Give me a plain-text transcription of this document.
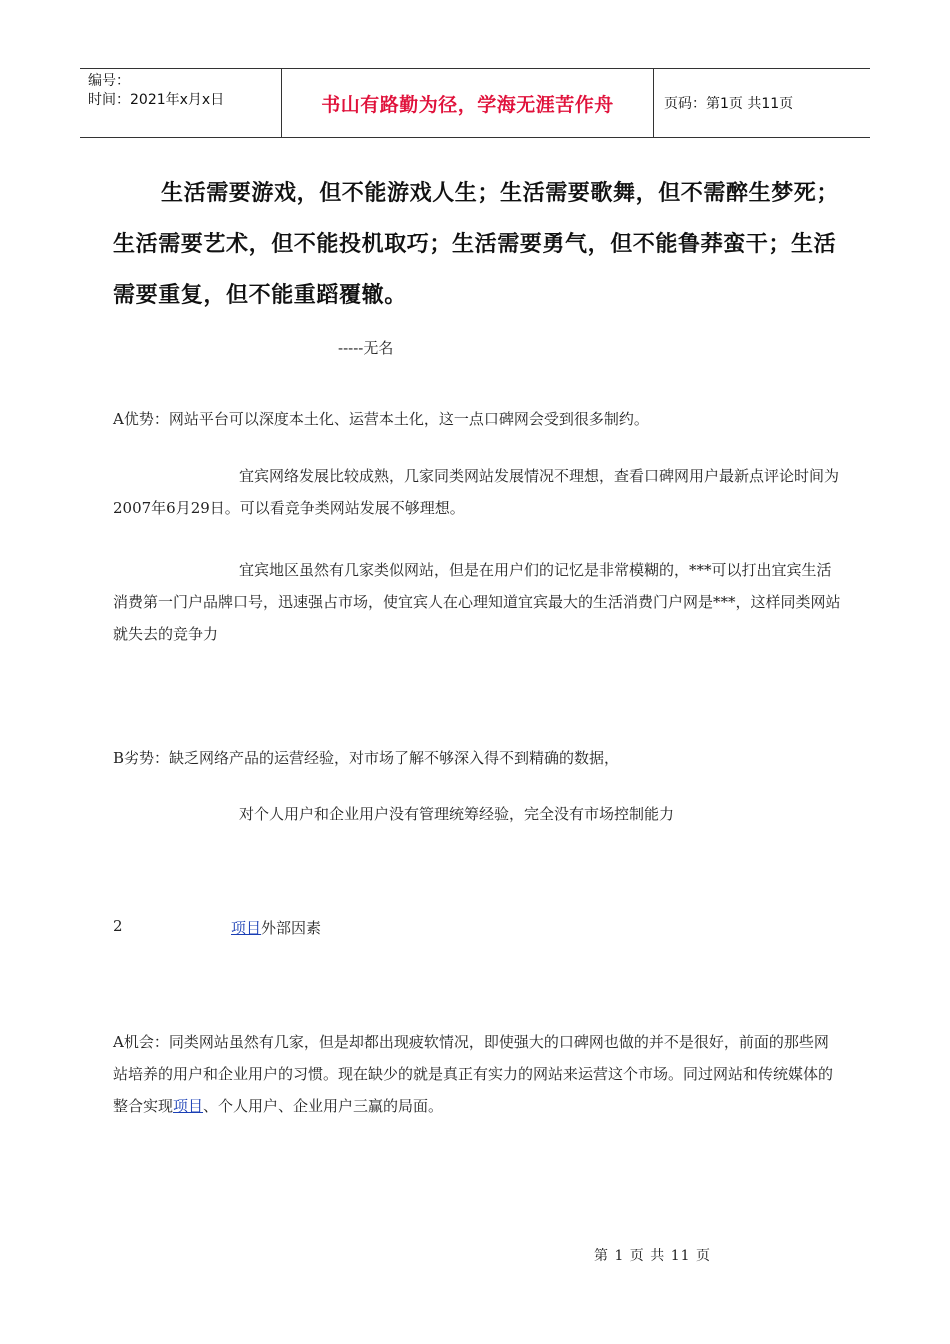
编号：
时间：2021年x月x日	书山有路勤为径，学海无涯苦作舟	页码：第1页 共11页
生活需要游戏，但不能游戏人生；生活需要歌舞，但不需醉生梦死；生活需要艺术，但不能投机取巧；生活需要勇气，但不能鲁莽蛮干；生活需要重复，但不能重蹈覆辙。
-----无名
A优势：网站平台可以深度本土化、运营本土化，这一点口碑网会受到很多制约。
宜宾网络发展比较成熟，几家同类网站发展情况不理想，查看口碑网用户最新点评论时间为2007年6月29日。可以看竞争类网站发展不够理想。
宜宾地区虽然有几家类似网站，但是在用户们的记忆是非常模糊的，***可以打出宜宾生活消费第一门户品牌口号，迅速强占市场，使宜宾人在心理知道宜宾最大的生活消费门户网是***，这样同类网站就失去的竞争力
B劣势：缺乏网络产品的运营经验，对市场了解不够深入得不到精确的数据，
对个人用户和企业用户没有管理统筹经验，完全没有市场控制能力
2	项目外部因素
A机会：同类网站虽然有几家，但是却都出现疲软情况，即使强大的口碑网也做的并不是很好，前面的那些网站培养的用户和企业用户的习惯。现在缺少的就是真正有实力的网站来运营这个市场。同过网站和传统媒体的整合实现项目、个人用户、企业用户三赢的局面。
第 1 页 共 11 页
